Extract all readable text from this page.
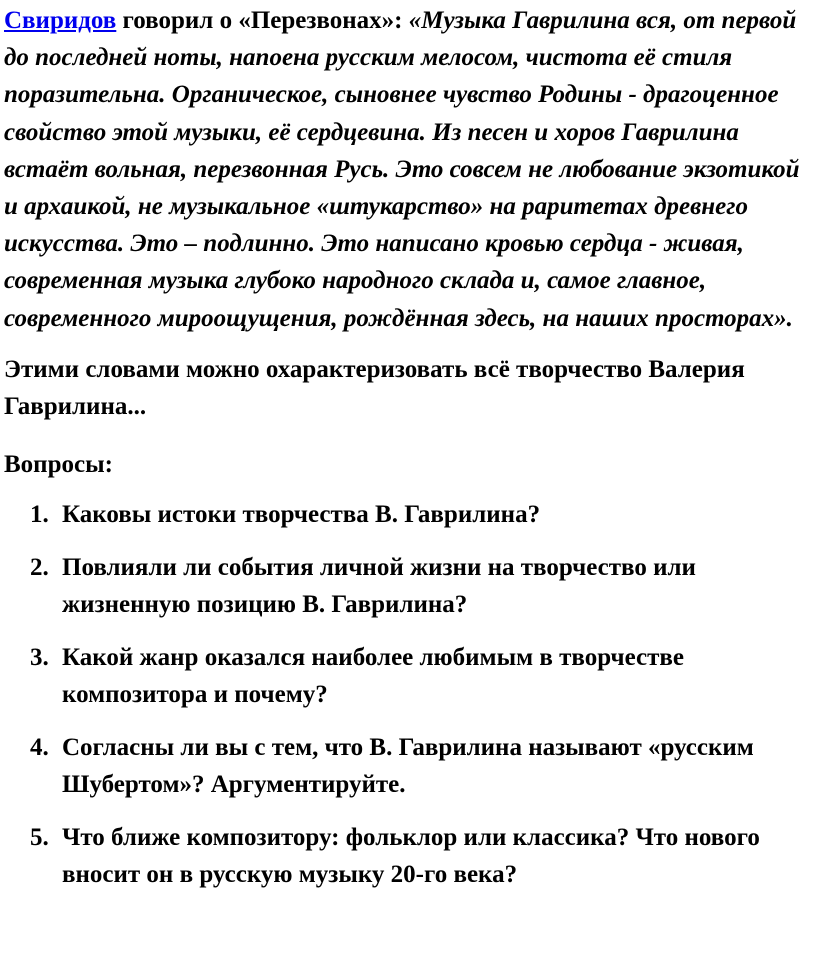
Свиридов говорил о «Перезвонах»: «Музыка Гаврилина вся, от первой до последней ноты, напоена русским мелосом, чистота её стиля поразительна. Органическое, сыновнее чувство Родины - драгоценное свойство этой музыки, её сердцевина. Из песен и хоров Гаврилина встаёт вольная, перезвонная Русь. Это совсем не любование экзотикой и архаикой, не музыкальное «штукарство» на раритетах древнего искусства. Это – подлинно. Это написано кровью сердца - живая, современная музыка глубоко народного склада и, самое главное, современного мироощущения, рождённая здесь, на наших просторах».

Этими словами можно охарактеризовать всё творчество Валерия Гаврилина...

Вопросы:

1. Каковы истоки творчества В. Гаврилина?
2. Повлияли ли события личной жизни на творчество или жизненную позицию В. Гаврилина?
3. Какой жанр оказался наиболее любимым в творчестве композитора и почему?
4. Согласны ли вы с тем, что В. Гаврилина называют «русским Шубертом»? Аргументируйте.
5. Что ближе композитору: фольклор или классика? Что нового вносит он в русскую музыку 20-го века?
